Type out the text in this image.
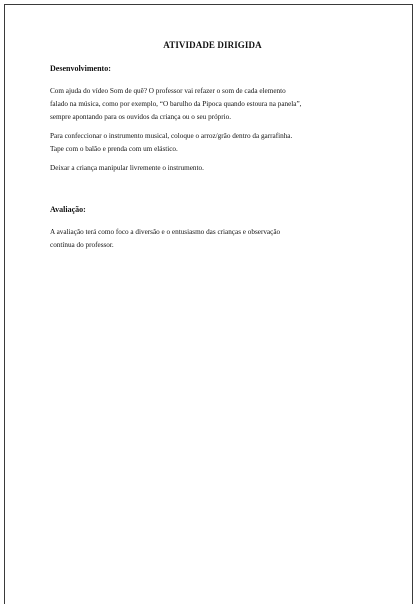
ATIVIDADE DIRIGIDA
Desenvolvimento:

Com ajuda do vídeo Som de quê? O professor vai refazer o som de cada elemento
falado na música, como por exemplo, “O barulho da Pipoca quando estoura na panela”,
sempre apontando para os ouvidos da criança ou o seu próprio.

Para confeccionar o instrumento musical, coloque o arroz/grão dentro da garrafinha.
Tape com o balão e prenda com um elástico.

Deixar a criança manipular livremente o instrumento.

Avaliação:

A avaliação terá como foco a diversão e o entusiasmo das crianças e observação
contínua do professor.
